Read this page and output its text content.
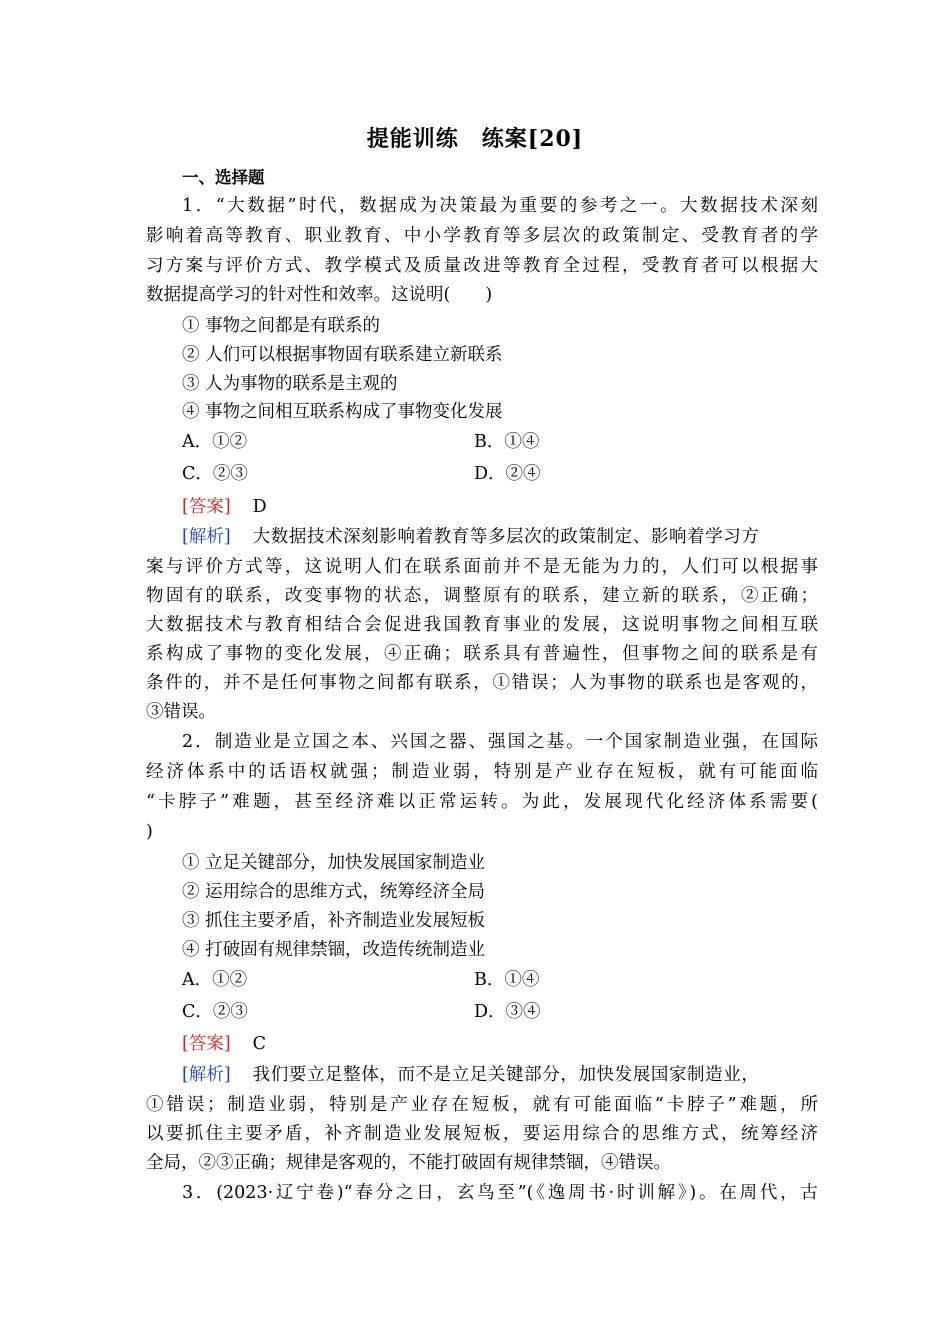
提能训练　练案[20]
一、选择题
1．“大数据”时代，数据成为决策最为重要的参考之一。大数据技术深刻
影响着高等教育、职业教育、中小学教育等多层次的政策制定、受教育者的学
习方案与评价方式、教学模式及质量改进等教育全过程，受教育者可以根据大
数据提高学习的针对性和效率。这说明(　　)
① 事物之间都是有联系的
② 人们可以根据事物固有联系建立新联系
③ 人为事物的联系是主观的
④ 事物之间相互联系构成了事物变化发展
A．①②	B．①④
C．②③	D．②④
[答案] D
[解析] 大数据技术深刻影响着教育等多层次的政策制定、影响着学习方
案与评价方式等，这说明人们在联系面前并不是无能为力的，人们可以根据事
物固有的联系，改变事物的状态，调整原有的联系，建立新的联系，②正确；
大数据技术与教育相结合会促进我国教育事业的发展，这说明事物之间相互联
系构成了事物的变化发展，④正确；联系具有普遍性，但事物之间的联系是有
条件的，并不是任何事物之间都有联系，①错误；人为事物的联系也是客观的，
③错误。
2．制造业是立国之本、兴国之器、强国之基。一个国家制造业强，在国际
经济体系中的话语权就强；制造业弱，特别是产业存在短板，就有可能面临
“卡脖子”难题，甚至经济难以正常运转。为此，发展现代化经济体系需要(
)
① 立足关键部分，加快发展国家制造业
② 运用综合的思维方式，统筹经济全局
③ 抓住主要矛盾，补齐制造业发展短板
④ 打破固有规律禁锢，改造传统制造业
A．①②	B．①④
C．②③	D．③④
[答案] C
[解析] 我们要立足整体，而不是立足关键部分，加快发展国家制造业，
①错误；制造业弱，特别是产业存在短板，就有可能面临“卡脖子”难题，所
以要抓住主要矛盾，补齐制造业发展短板，要运用综合的思维方式，统筹经济
全局，②③正确；规律是客观的，不能打破固有规律禁锢，④错误。
3．(2023·辽宁卷)“春分之日，玄鸟至”(《逸周书·时训解》)。在周代，古
